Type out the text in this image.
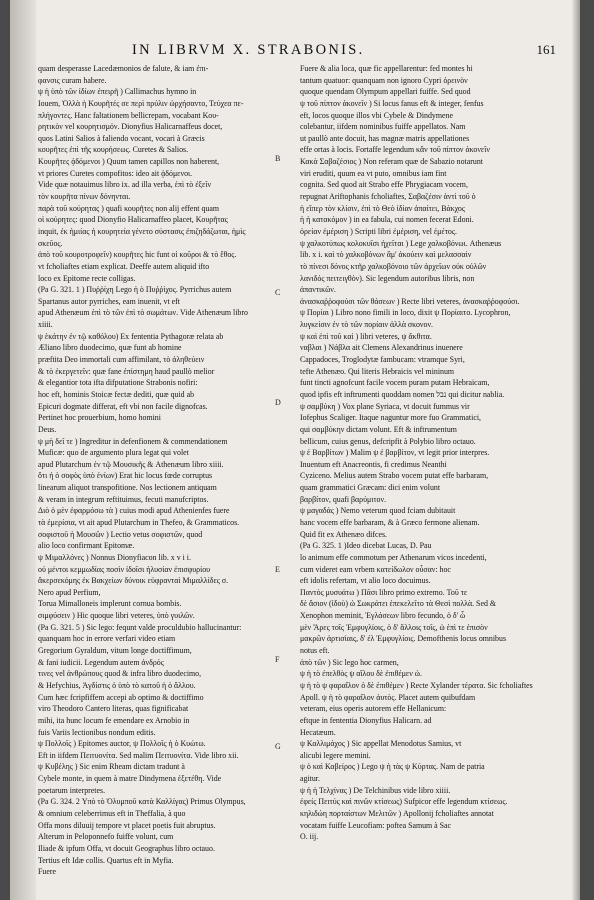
IN LIBRVM X. STRABONIS.	161
quam desperasse Lacedæmonios de falute, & iam ἐπι-
φανσις curam habere.
ψ ἡ ὑπὸ τῶν ἰδίων ἐπειρῆ ) Callimachus hymno in
Iouem, Ὀλλὰ ἡ Κουρῆτές σε περὶ πρύλιν ὠρχήσαντο, Τεύχεα πε-
πλήγοντες. Hanc faltationem bellicrepam, vocabant Κου-
ρητικὸν vel κουρητισμόν. Dionyfius Halicarnaffeus docet,
quos Latini Salios à faliendo vocant, vocari à Græcis
κουρῆτες ἐπὶ τῆς κουρήσεως. Curetes & Salios.
Κουρῆτες ᾀδόμενοι ) Quum tamen capillos non haberent,
vt priores Curetes compofitos: ideo ait ᾀδόμενοι.
Vide quæ notauimus libro ix. ad illa verba, ἐπὶ τὸ ἐξεῖν
τὸν κουρῆτα πίνων δόνηνται.
παρὰ τοῦ κούρητας ) quafi κουρῆτες non alij effent quam
οἱ κούρητες: quod Dionyfio Halicarnaffeo placet, Κουρῆτας
inquit, ἐκ ἡμιίας ἡ κουρητεία γένετο σύστασις ἐπιζηδάζωται, ἡμὶς
σκεῦος.
ἀπὸ τοῦ κουροτροφεῖν) κουρῆτες hic funt οἱ κοῦροι & τὸ ἔθος.
vt fcholiaftes etiam explicat. Deeffe autem aliquid ifto
loco ex Epitome recte colligas.
(Pa G. 321. 1 ) Πυῤῥίχη Lego ἡ ὁ Πυῤῥίχος. Pyrrichus autem
Spartanus autor pyrriches, eam inuenit, vt eft
apud Athenæum ἐπὶ τὸ τῶν ἐπὶ τὸ σωμάτων. Vide Athenæum libro
xiiii.
ψ ἑκάτην ἐν τῷ καθόλου) Ex fententia Pythagoræ relata ab
Æliano libro duodecimo, quæ funt ab homine
præftita Deo immortali cum affimilant, τὸ ἀληθεύειν
& τὸ ἐκεργετεῖν: quæ fane ἐπίστημη haud paullò melior
& elegantior tota ifta difputatione Strabonis nofiri:
hoc eft, hominis Stoicæ fectæ dediti, quæ quid ab
Epicuri dogmate differat, eft vbi non facile dignofcas.
Pertinet hoc prouerbium, homo homini
Deus.
ψ μὴ δεῖ τε ) Ingreditur in defenfionem & commendationem
Muficæ: quo de argumento plura legat qui volet
apud Plutarchum ἐν τῷ Μουσικῆς & Athenæum libro xiiii.
ὅτι ἡ ὁ σοφὸς ὑπὸ ἐνίων) Erat hic locus fœde corruptus
linearum aliquot transpofitione. Nos lectionem antiquam
& veram in integrum reftituimus, fecuti manufcriptos.
Διὸ ὁ μὲν ἐφαρμόσω τὰ ) cuius modi apud Athenienfes fuere
τὰ ἐμερίσια, vt ait apud Plutarchum in Thefeo, & Grammaticos.
σοφιστοῦ ἡ Μουσῶν ) Lectio vetus σοφιστῶν, quod
alio loco confirmant Epitomæ.
ψ Μιμαλλόνες ) Nonnus Dionyfiacon lib. x v i i.
οὐ μέντοι κεμμωδίας ποσὶν ἰδοῖσι ἡλυσίαν ἐπισφυρίου
ἄκερσεκόμης ἐκ Βακχείων δύνοικ εὐφρανταὶ Μιμαλλίδες σ.
Nero apud Perfium,
Torua Mimalloneis implerunt cornua bombis.
σιμφύσειν ) Hic quoque libri veteres, ὑπὸ γυιλῶν.
(Pa G. 321. 5 ) Sic lego: fequnt valde proculdubio hallucinantur:
quanquam hoc in errore verfari video etiam
Gregorium Gyraldum, vitum longe doctiffimum,
& fani iudicii. Legendum autem ἀνδρός
τινες vel ἀνθρώπους quod & infra libro duodecimo,
& Hefychius, Ἀγδίστις ὁ ὑπὸ τὸ κατοῦ ἡ ὁ ἄλλου.
Cum hæc fcripfiffem accepi ab optimo & doctiffimo
viro Theodoro Cantero literas, quas fignificabat
mihi, ita hunc locum fe emendare ex Arnobio in
fuis Variis lectionibus nondum editis.
ψ Πολλοῖς ) Epitomes auctor, ψ Πολλοῖς ἡ ὁ Κυώτω.
Eft in iifdem Πειτυονίτα. Sed malim Πειτυονίτα. Vide libro xii.
ψ Κυβέλης ) Sic enim Rheam dictam tradunt à
Cybele monte, in quem à matre Dindymena ἐξετέθη. Vide
poetarum interpretes.
(Pa G. 324. 2 Υπὸ τὸ Ὀλυμποῦ κατὰ Καλλίγας) Primus Olympus,
& omnium celeberrimus eft in Theffalia, à quo
Offa mons diluuij tempore vt placet poetis fuit abruptus.
Alterum in Peloponnefo fuiffe volunt, cum
Iliade & ipfum Offa, vt docuit Geographus libro octauo.
Tertius eft Idæ collis. Quartus eft in Myfia.
Fuere
B
C
D
E
F
G
Fuere & alia loca, quæ fic appellarentur: fed montes hi
tantum quatuor: quanquam non ignoro Cypri ὀρεινὸν
quoque quendam Olympum appellari fuiffe. Sed quod
ψ τοῦ πίπτον ἀκονεῖν ) Si locus fanus eft & integer, fenfus
eft, locos quoque illos vbi Cybele & Dindymene
colebantur, iifdem nominibus fuiffe appellatos. Nam
ut paullò ante docuit, has magnæ matris appellationes
effe ortas à locis. Fortaffe legendum κἂν τοῦ πίπτον ἀκονεῖν
Κακὰ Σαβαζέσιος ) Non referam quæ de Sabazio notarunt
viri eruditi, quum ea vt puto, omnibus iam fint
cognita. Sed quod ait Strabo effe Phrygiacam vocem,
repugnat Ariftophanis fcholiaftes, Σαβαζέσιν ἀντὶ τοῦ ὁ
ἡ εἴπερ τὸν κλίσιν, ἐπὶ τὸ Θεὸ ἰδίαν ἀπαίτει, Βάκχος
ἡ ἡ κατακόμον ) in ea fabula, cui nomen fecerat Edoni.
ὀρείαν ἐμέριση ) Scripti libri ἐμέριση, vel ἐμέτος.
ψ χαλκοτύπως κολοκυῖσι ἠχεῖται ) Lege χαλκοβόνωι. Athenæus
lib. x i. καὶ τὸ χαλκοβόνων ἅμ' ἀκούειν καὶ μελασσαίν
τὸ πίνεσι δόνος κτῆρ χαλκοβόνοιο τῶν ἀρχεῖων οὐκ οὐλῶν
λανιδός πειτειγθὸν). Sic legendum autoribus libris, non
ἀπαντικῶν.
ἀνασκαῤῥοφούσι τῶν θάσεων ) Recte libri veteres, ἀνασκαῤῥοφούσι.
ψ Πορίαι ) Libro nono fimili in loco, dixit ψ Πορίαιτο. Lycophron,
λυγκείσιν ἐν τὸ τῶν πορίαιν ἀλλὰ σκονον.
ψ καὶ ἐπὶ τοῦ καὶ ) libri veteres, ψ ἄκθιτα.
ναβλαι ) Νάβλα ait Clemens Alexandrinus inuenere
Cappadoces, Troglodytæ fambucam: vtramque Syri,
tefte Athenæo. Qui literis Hebraicis vel mininum
funt tincti agnofcunt facile vocem puram putam Hebraicam,
quod ipfis eft inftrumenti quoddam nomen נבל qui dicitur nablia.
ψ σαμβύκη ) Vox plane Syriaca, vt docuit fummus vir
Iofephus Scaliger. Itaque naguntur more fuo Grammatici,
qui σαμβύκην dictam volunt. Eft & inftrumentum
bellicum, cuius genus, defcripfit à Polybio libro octauo.
ψ ἐ Βαρβίτων ) Malim ψ ἐ βαρβίτον, vt legit prior interpres.
Inuentum eft Anacreontis, fi credimus Neanthi
Cyziceno. Melius autem Strabo vocem putat effe barbaram,
quam grammatici Græcam: dici enim volunt
βαρβίτον, quafi βαρύμιτον.
ψ μαγαδάς ) Nemo veterum quod fciam dubitauit
hanc vocem effe barbaram, & à Græco fermone alienam.
Quid fit ex Athenæo difces.
(Pa G. 325. 1 )Ideo dicebat Lucas, D. Pau
lo animum effe commotum per Athenarum vicos incedenti,
cum videret eam vrbem κατείδωλον οὖσαν: hoc
eft idolis refertam, vt alio loco docuimus.
Παντὸς μυσυάτω ) Πᾶσι libro primo extremo. Τοῦ τε
δὲ ἅσιον (ἰδοὺ) ὡ Σωκράτει ἐπεκελεῖτο τὰ Θεσὶ πολλὰ. Sed &
Xenophon meminit, Ἐγλάσεων libro fecundo, ὁ δ' ὦ
μὲν Ἄρες τοῖς Ἐμφυγλίοις, ὁ δ' ἅλλοις τοῖς, ὡ ἐπὶ τε ἐπισὸν
μακρῶν ἀρτισίαις, δ' ἐλ Ἐμφυγλίοις. Demofthenis locus omnibus
notus eft.
ἀπὸ τῶν ) Sic lego hoc carmen,
ψ ἡ τὸ ἐπελθὸς ψ αἴλου δὲ ἐπιθέμεν ὡ.
ψ ἡ τὸ ψ φαραΐλον ὁ δὲ ἐπιθέμεν ) Recte Xylander τέρατα. Sic fcholiaftes
Apoll. ψ ἡ τὸ φαραΐλον ἀυτὸς. Placet autem quibufdam
veteram, eius operis autorem effe Hellanicum:
eftque in fententia Dionyfius Halicarn. ad
Hecatæum.
ψ Καλλιμάχος ) Sic appellat Menodotus Samius, vt
alicubi legere memini.
ψ ὁ καὶ Καβείρος ) Lego ψ ἡ τὰς ψ Κύρτας. Nam de patria
agitur.
ψ ἡ ἡ Τελχίνας ) De Telchinibus vide libro xiiii.
ἐφείς Πειτύς καὶ πινῶν κτίσεως) Sufpicor effe legendum κτίσεως.
κηλιδώη πορταίστων Μελιτῶν ) Apollonij fcholiaftes annotat
vocatam fuiffe Leucofiam: poftea Samum à Sac
O. iij.
